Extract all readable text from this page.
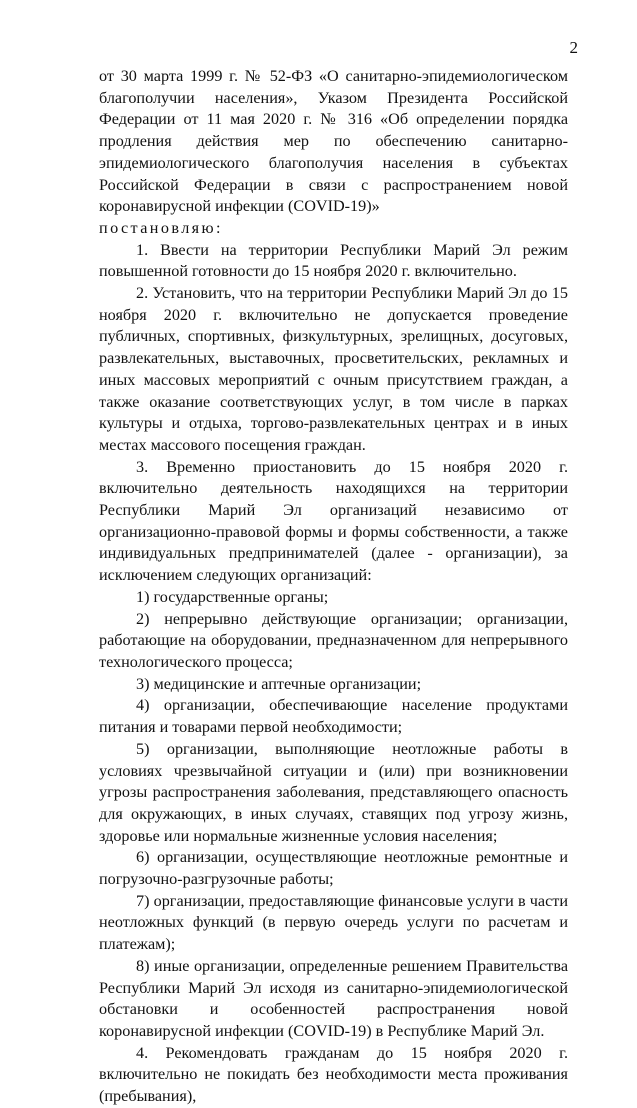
2

от 30 марта 1999 г. № 52-ФЗ «О санитарно-эпидемиологическом благополучии населения», Указом Президента Российской Федерации от 11 мая 2020 г. № 316 «Об определении порядка продления действия мер по обеспечению санитарно-эпидемиологического благополучия населения в субъектах Российской Федерации в связи с распространением новой коронавирусной инфекции (COVID-19)»

постановляю:

1. Ввести на территории Республики Марий Эл режим повышенной готовности до 15 ноября 2020 г. включительно.

2. Установить, что на территории Республики Марий Эл до 15 ноября 2020 г. включительно не допускается проведение публичных, спортивных, физкультурных, зрелищных, досуговых, развлекательных, выставочных, просветительских, рекламных и иных массовых мероприятий с очным присутствием граждан, а также оказание соответствующих услуг, в том числе в парках культуры и отдыха, торгово-развлекательных центрах и в иных местах массового посещения граждан.

3. Временно приостановить до 15 ноября 2020 г. включительно деятельность находящихся на территории Республики Марий Эл организаций независимо от организационно-правовой формы и формы собственности, а также индивидуальных предпринимателей (далее - организации), за исключением следующих организаций:

1) государственные органы;

2) непрерывно действующие организации; организации, работающие на оборудовании, предназначенном для непрерывного технологического процесса;

3) медицинские и аптечные организации;

4) организации, обеспечивающие население продуктами питания и товарами первой необходимости;

5) организации, выполняющие неотложные работы в условиях чрезвычайной ситуации и (или) при возникновении угрозы распространения заболевания, представляющего опасность для окружающих, в иных случаях, ставящих под угрозу жизнь, здоровье или нормальные жизненные условия населения;

6) организации, осуществляющие неотложные ремонтные и погрузочно-разгрузочные работы;

7) организации, предоставляющие финансовые услуги в части неотложных функций (в первую очередь услуги по расчетам и платежам);

8) иные организации, определенные решением Правительства Республики Марий Эл исходя из санитарно-эпидемиологической обстановки и особенностей распространения новой коронавирусной инфекции (COVID-19) в Республике Марий Эл.

4. Рекомендовать гражданам до 15 ноября 2020 г. включительно не покидать без необходимости места проживания (пребывания),
